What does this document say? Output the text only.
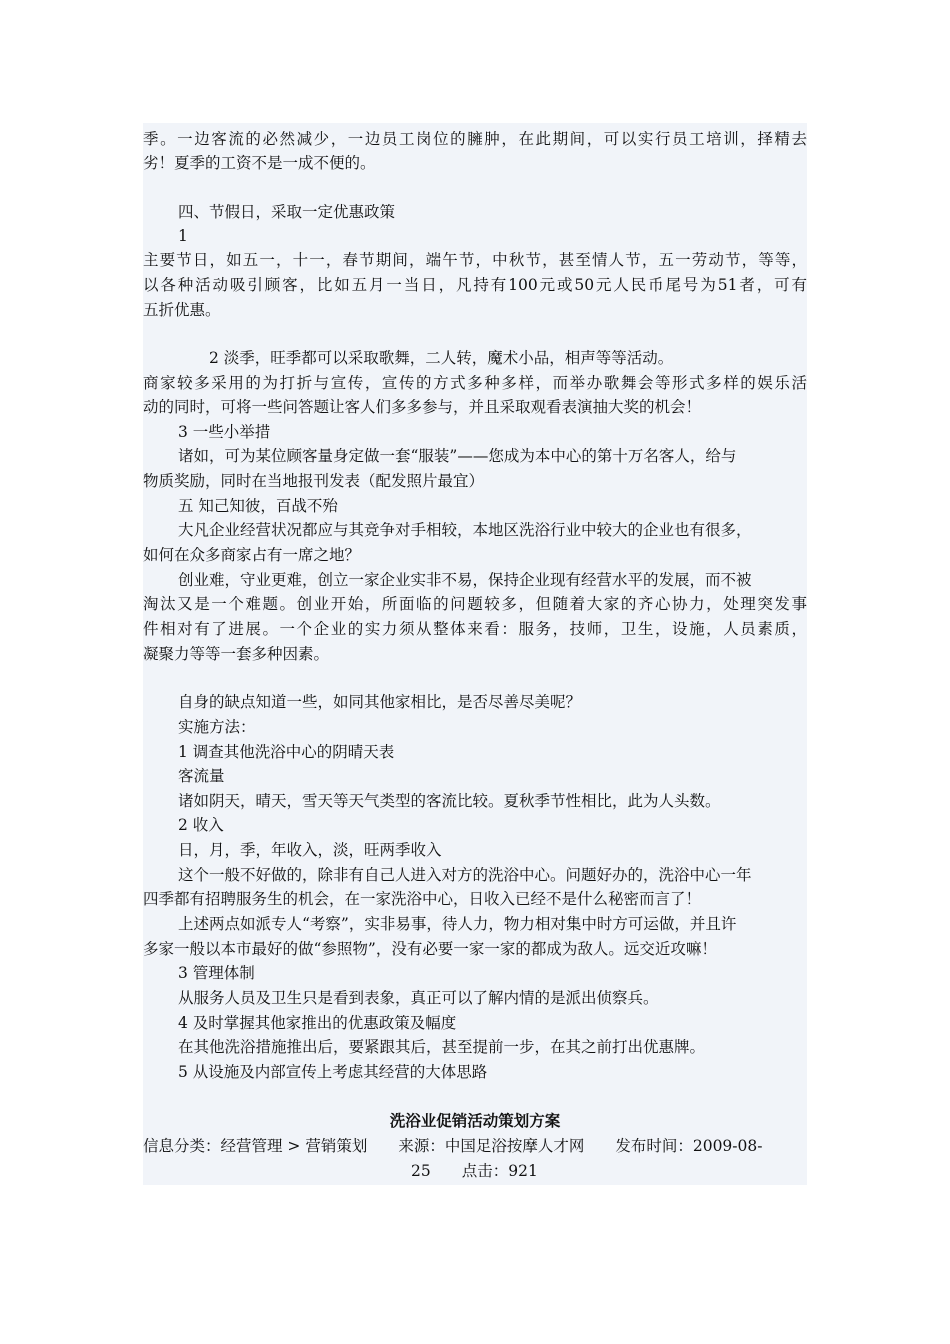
季。一边客流的必然减少，一边员工岗位的臃肿，在此期间，可以实行员工培训，择精去
劣！夏季的工资不是一成不便的。
四、节假日，采取一定优惠政策
1
主要节日，如五一，十一，春节期间，端午节，中秋节，甚至情人节，五一劳动节，等等，
以各种活动吸引顾客，比如五月一当日，凡持有100元或50元人民币尾号为51者，可有
五折优惠。
2 淡季，旺季都可以采取歌舞，二人转，魔术小品，相声等等活动。
商家较多采用的为打折与宣传，宣传的方式多种多样，而举办歌舞会等形式多样的娱乐活
动的同时，可将一些问答题让客人们多多参与，并且采取观看表演抽大奖的机会！
3 一些小举措
诸如，可为某位顾客量身定做一套“服装”——您成为本中心的第十万名客人，给与
物质奖励，同时在当地报刊发表（配发照片最宜）
五 知己知彼，百战不殆
大凡企业经营状况都应与其竞争对手相较，本地区洗浴行业中较大的企业也有很多，
如何在众多商家占有一席之地？
创业难，守业更难，创立一家企业实非不易，保持企业现有经营水平的发展，而不被
淘汰又是一个难题。创业开始，所面临的问题较多，但随着大家的齐心协力，处理突发事
件相对有了进展。一个企业的实力须从整体来看：服务，技师，卫生，设施，人员素质，
凝聚力等等一套多种因素。
自身的缺点知道一些，如同其他家相比，是否尽善尽美呢？
实施方法：
1 调查其他洗浴中心的阴晴天表
客流量
诸如阴天，晴天，雪天等天气类型的客流比较。夏秋季节性相比，此为人头数。
2 收入
日，月，季，年收入，淡，旺两季收入
这个一般不好做的，除非有自己人进入对方的洗浴中心。问题好办的，洗浴中心一年
四季都有招聘服务生的机会，在一家洗浴中心，日收入已经不是什么秘密而言了！
上述两点如派专人“考察”，实非易事，待人力，物力相对集中时方可运做，并且许
多家一般以本市最好的做“参照物”，没有必要一家一家的都成为敌人。远交近攻嘛！
3 管理体制
从服务人员及卫生只是看到表象，真正可以了解内情的是派出侦察兵。
4 及时掌握其他家推出的优惠政策及幅度
在其他洗浴措施推出后，要紧跟其后，甚至提前一步，在其之前打出优惠牌。
5 从设施及内部宣传上考虑其经营的大体思路
洗浴业促销活动策划方案
信息分类：经营管理 > 营销策划　　来源：中国足浴按摩人才网　　发布时间：2009-08-
25　　点击：921
